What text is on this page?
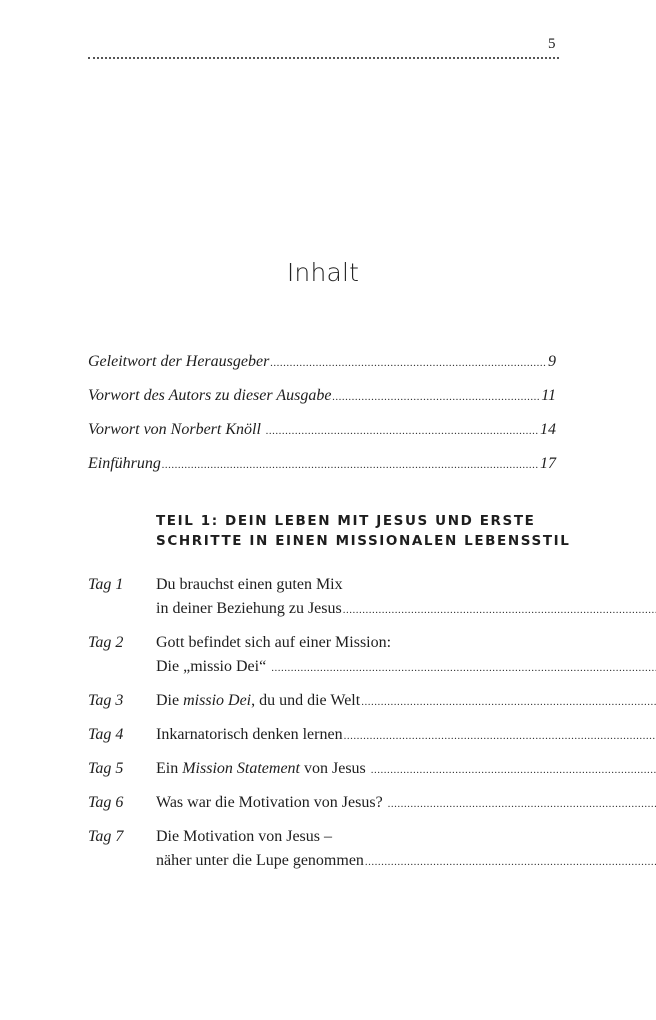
5
Inhalt
Geleitwort der Herausgeber .....	9
Vorwort des Autors zu dieser Ausgabe .....	11
Vorwort von Norbert Knöll .....	14
Einführung .....	17
TEIL 1: DEIN LEBEN MIT JESUS UND ERSTE
SCHRITTE IN EINEN MISSIONALEN LEBENSSTIL
Tag 1	Du brauchst einen guten Mix
in deiner Beziehung zu Jesus
.....
Tag 2	Gott befindet sich auf einer Mission:
Die „missio Dei“
.....
Tag 3	Die missio Dei, du und die Welt
.....
Tag 4	Inkarnatorisch denken lernen
.....
Tag 5	Ein Mission Statement von Jesus
.....
Tag 6	Was war die Motivation von Jesus?
.....
Tag 7	Die Motivation von Jesus –
näher unter die Lupe genommen
.....
